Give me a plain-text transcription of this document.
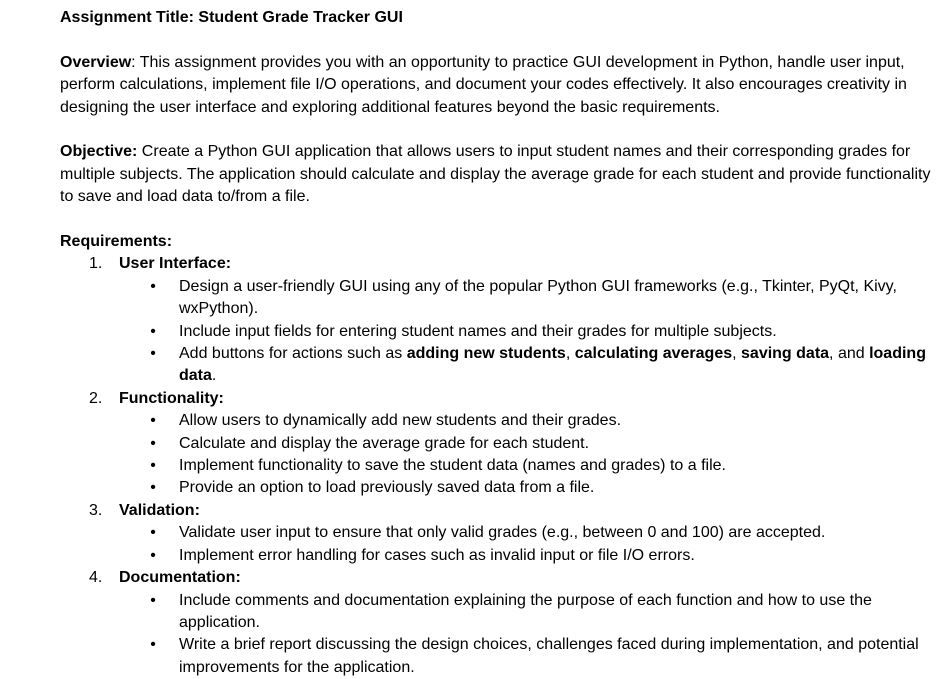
Assignment Title: Student Grade Tracker GUI
Overview: This assignment provides you with an opportunity to practice GUI development in Python, handle user input, perform calculations, implement file I/O operations, and document your codes effectively. It also encourages creativity in designing the user interface and exploring additional features beyond the basic requirements.
Objective: Create a Python GUI application that allows users to input student names and their corresponding grades for multiple subjects. The application should calculate and display the average grade for each student and provide functionality to save and load data to/from a file.
Requirements:
1.	User Interface:
• Design a user-friendly GUI using any of the popular Python GUI frameworks (e.g., Tkinter, PyQt, Kivy, wxPython).
• Include input fields for entering student names and their grades for multiple subjects.
• Add buttons for actions such as adding new students, calculating averages, saving data, and loading data.
2.	Functionality:
• Allow users to dynamically add new students and their grades.
• Calculate and display the average grade for each student.
• Implement functionality to save the student data (names and grades) to a file.
• Provide an option to load previously saved data from a file.
3.	Validation:
• Validate user input to ensure that only valid grades (e.g., between 0 and 100) are accepted.
• Implement error handling for cases such as invalid input or file I/O errors.
4.	Documentation:
• Include comments and documentation explaining the purpose of each function and how to use the application.
• Write a brief report discussing the design choices, challenges faced during implementation, and potential improvements for the application.
